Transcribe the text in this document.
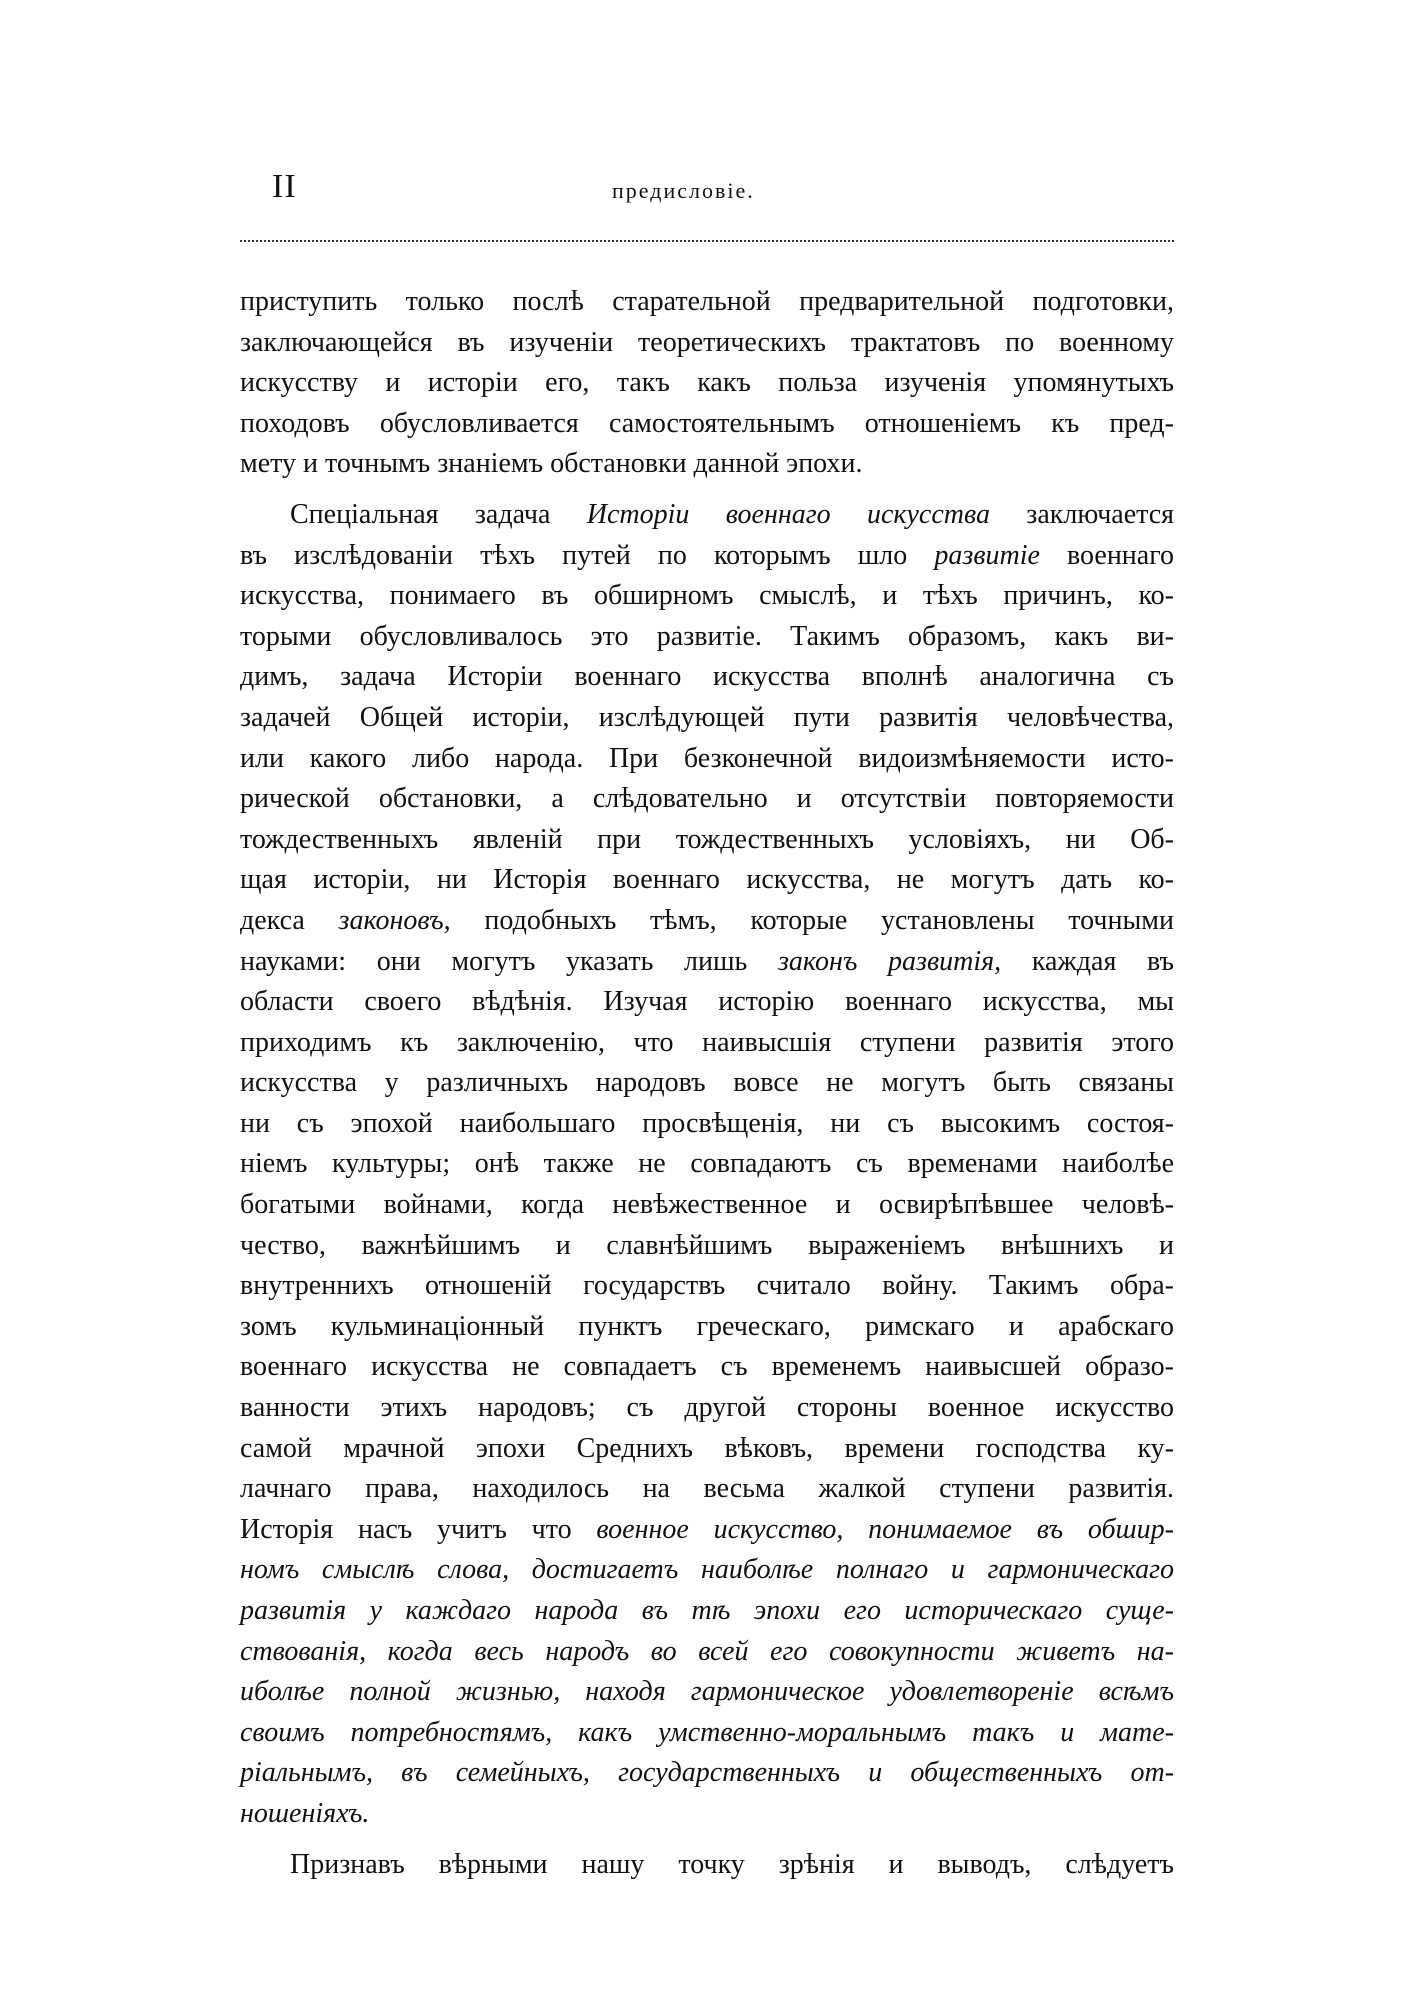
II	предисловіе.
приступить только послѣ старательной предварительной подготовки,
заключающейся въ изученіи теоретическихъ трактатовъ по военному
искусству и исторіи его, такъ какъ польза изученія упомянутыхъ
походовъ обусловливается самостоятельнымъ отношеніемъ къ пред-
мету и точнымъ знаніемъ обстановки данной эпохи.
Спеціальная задача Исторіи военнаго искусства заключается
въ изслѣдованіи тѣхъ путей по которымъ шло развитіе военнаго
искусства, понимаего въ обширномъ смыслѣ, и тѣхъ причинъ, ко-
торыми обусловливалось это развитіе. Такимъ образомъ, какъ ви-
димъ, задача Исторіи военнаго искусства вполнѣ аналогична съ
задачей Общей исторіи, изслѣдующей пути развитія человѣчества,
или какого либо народа. При безконечной видоизмѣняемости исто-
рической обстановки, а слѣдовательно и отсутствіи повторяемости
тождественныхъ явленій при тождественныхъ условіяхъ, ни Об-
щая исторіи, ни Исторія военнаго искусства, не могутъ дать ко-
декса законовъ, подобныхъ тѣмъ, которые установлены точными
науками: они могутъ указать лишь законъ развитія, каждая въ
области своего вѣдѣнія. Изучая исторію военнаго искусства, мы
приходимъ къ заключенію, что наивысшія ступени развитія этого
искусства у различныхъ народовъ вовсе не могутъ быть связаны
ни съ эпохой наибольшаго просвѣщенія, ни съ высокимъ состоя-
ніемъ культуры; онѣ также не совпадаютъ съ временами наиболѣе
богатыми войнами, когда невѣжественное и освирѣпѣвшее человѣ-
чество, важнѣйшимъ и славнѣйшимъ выраженіемъ внѣшнихъ и
внутреннихъ отношеній государствъ считало войну. Такимъ обра-
зомъ кульминаціонный пунктъ греческаго, римскаго и арабскаго
военнаго искусства не совпадаетъ съ временемъ наивысшей образо-
ванности этихъ народовъ; съ другой стороны военное искусство
самой мрачной эпохи Среднихъ вѣковъ, времени господства ку-
лачнаго права, находилось на весьма жалкой ступени развитія.
Исторія насъ учитъ что военное искусство, понимаемое въ обшир-
номъ смыслѣ слова, достигаетъ наиболѣе полнаго и гармоническаго
развитія у каждаго народа въ тѣ эпохи его историческаго суще-
ствованія, когда весь народъ во всей его совокупности живетъ на-
иболѣе полной жизнью, находя гармоническое удовлетвореніе всѣмъ
своимъ потребностямъ, какъ умственно-моральнымъ такъ и мате-
ріальнымъ, въ семейныхъ, государственныхъ и общественныхъ от-
ношеніяхъ.
Признавъ вѣрными нашу точку зрѣнія и выводъ, слѣдуетъ
